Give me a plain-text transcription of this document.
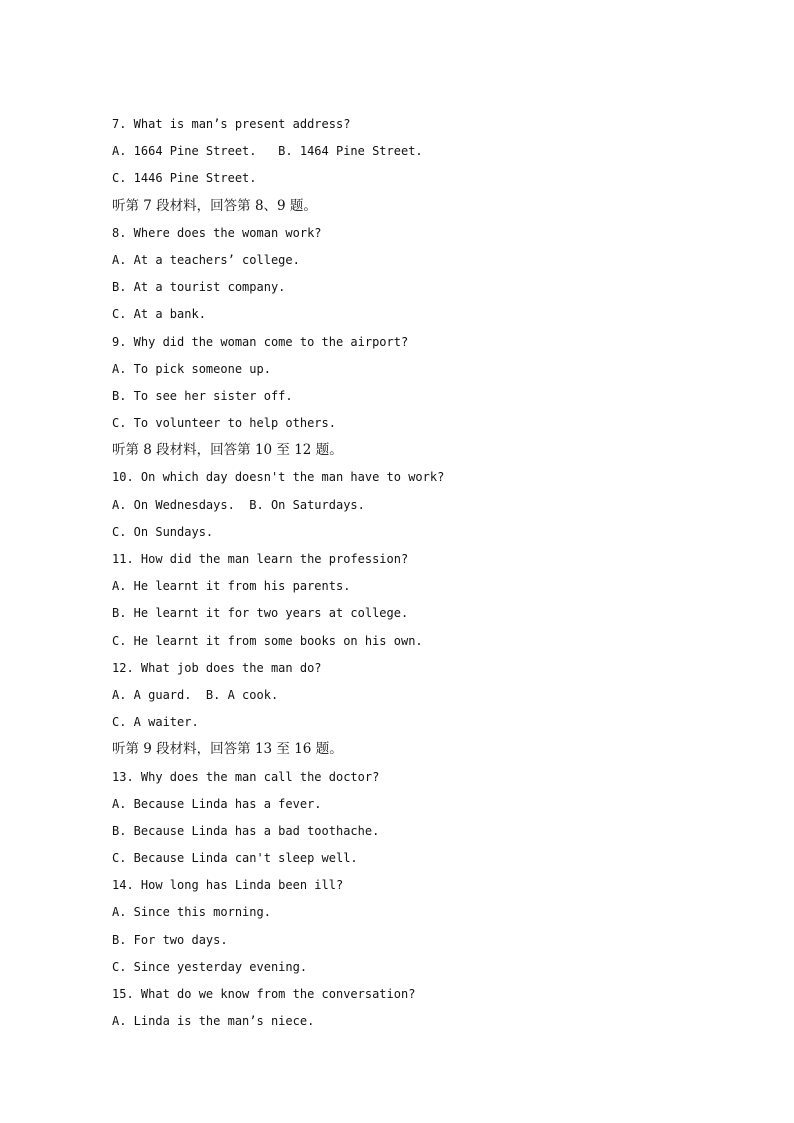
7. What is man’s present address?
A. 1664 Pine Street.   B. 1464 Pine Street.
C. 1446 Pine Street.
听第 7 段材料，回答第 8、9 题。
8. Where does the woman work?
A. At a teachers’ college.
B. At a tourist company.
C. At a bank.
9. Why did the woman come to the airport?
A. To pick someone up.
B. To see her sister off.
C. To volunteer to help others.
听第 8 段材料，回答第 10 至 12 题。
10. On which day doesn't the man have to work?
A. On Wednesdays.  B. On Saturdays.
C. On Sundays.
11. How did the man learn the profession?
A. He learnt it from his parents.
B. He learnt it for two years at college.
C. He learnt it from some books on his own.
12. What job does the man do?
A. A guard.  B. A cook.
C. A waiter.
听第 9 段材料，回答第 13 至 16 题。
13. Why does the man call the doctor?
A. Because Linda has a fever.
B. Because Linda has a bad toothache.
C. Because Linda can't sleep well.
14. How long has Linda been ill?
A. Since this morning.
B. For two days.
C. Since yesterday evening.
15. What do we know from the conversation?
A. Linda is the man’s niece.
